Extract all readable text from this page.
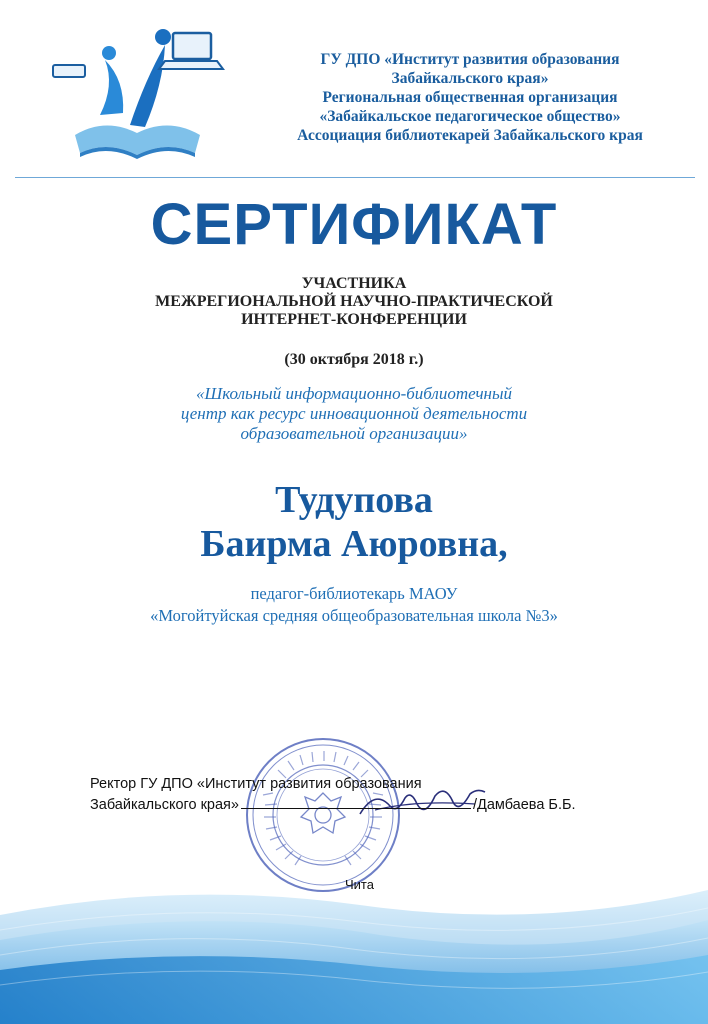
ГУ ДПО «Институт развития образования
Забайкальского края»
Региональная общественная организация
«Забайкальское педагогическое общество»
Ассоциация библиотекарей Забайкальского края
СЕРТИФИКАТ
УЧАСТНИКА
МЕЖРЕГИОНАЛЬНОЙ НАУЧНО-ПРАКТИЧЕСКОЙ
ИНТЕРНЕТ-КОНФЕРЕНЦИИ
(30 октября 2018 г.)
«Школьный информационно-библиотечный
центр как ресурс инновационной деятельности
образовательной организации»
Тудупова
Баирма Аюровна,
педагог-библиотекарь МАОУ
«Могойтуйская средняя общеобразовательная школа №3»
Ректор ГУ ДПО «Институт развития образования
Забайкальского края»	/Дамбаева Б.Б.
Чита
